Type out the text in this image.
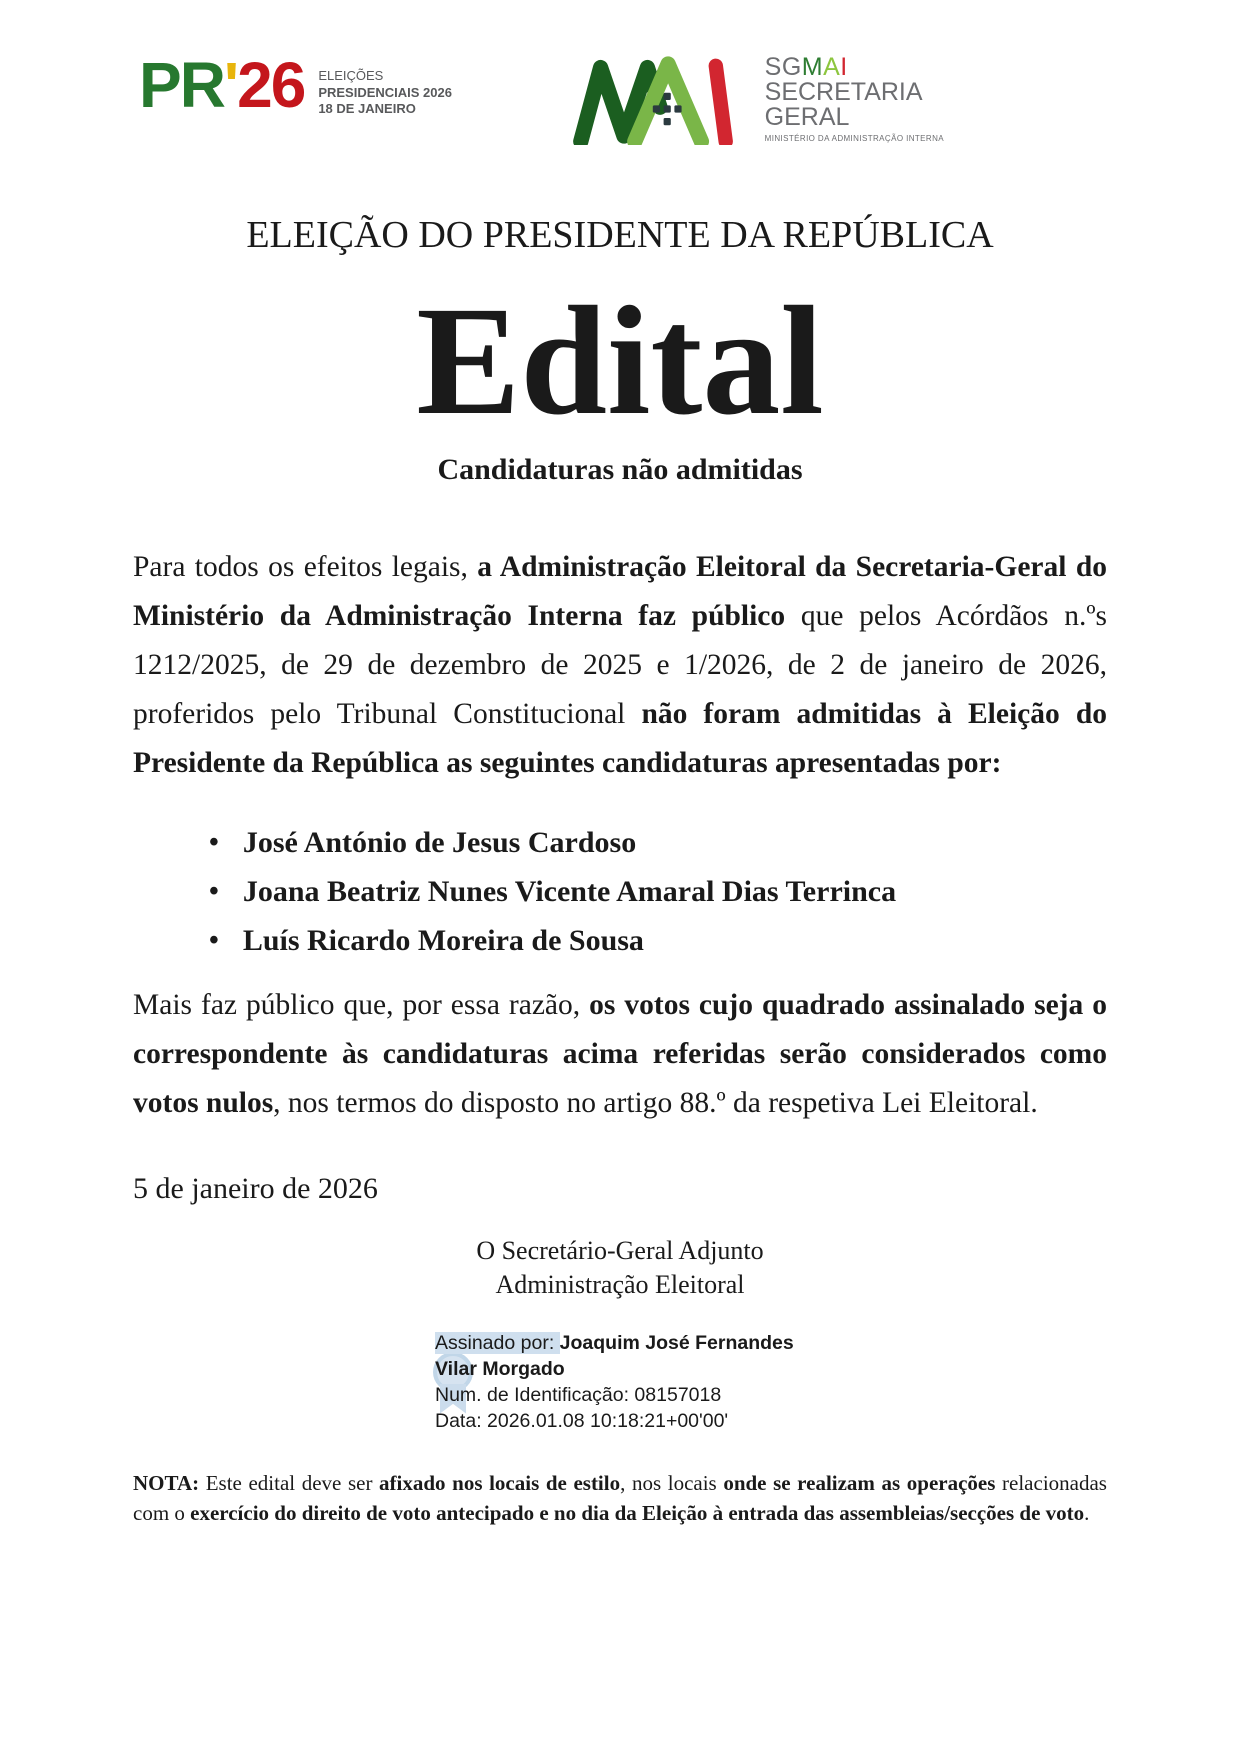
PR'26 ELEIÇÕES
PRESIDENCIAIS 2026
18 DE JANEIRO
SGMAI
SECRETARIA
GERAL
MINISTÉRIO DA ADMINISTRAÇÃO INTERNA
ELEIÇÃO DO PRESIDENTE DA REPÚBLICA
Edital
Candidaturas não admitidas

Para todos os efeitos legais, a Administração Eleitoral da Secretaria-Geral do Ministério da Administração Interna faz público que pelos Acórdãos n.ºs 1212/2025, de 29 de dezembro de 2025 e 1/2026, de 2 de janeiro de 2026, proferidos pelo Tribunal Constitucional não foram admitidas à Eleição do Presidente da República as seguintes candidaturas apresentadas por:

• José António de Jesus Cardoso
• Joana Beatriz Nunes Vicente Amaral Dias Terrinca
• Luís Ricardo Moreira de Sousa

Mais faz público que, por essa razão, os votos cujo quadrado assinalado seja o correspondente às candidaturas acima referidas serão considerados como votos nulos, nos termos do disposto no artigo 88.º da respetiva Lei Eleitoral.

5 de janeiro de 2026
O Secretário-Geral Adjunto
Administração Eleitoral
Assinado por: Joaquim José Fernandes Vilar Morgado
Num. de Identificação: 08157018
Data: 2026.01.08 10:18:21+00'00'

NOTA: Este edital deve ser afixado nos locais de estilo, nos locais onde se realizam as operações relacionadas com o exercício do direito de voto antecipado e no dia da Eleição à entrada das assembleias/secções de voto.
